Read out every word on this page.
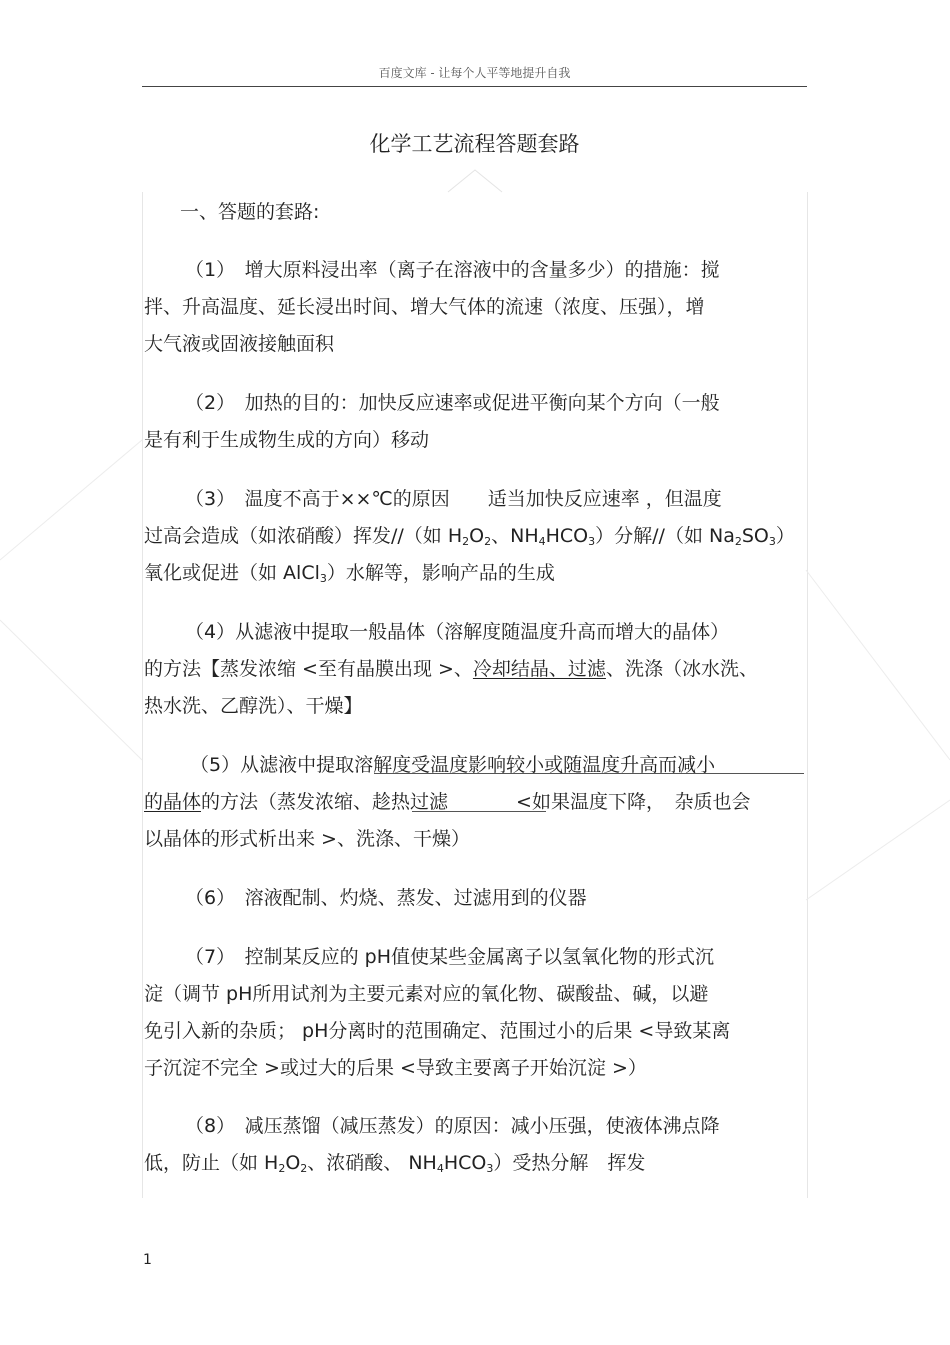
百度文库 - 让每个人平等地提升自我
化学工艺流程答题套路
一、答题的套路:
（1）　增大原料浸出率（离子在溶液中的含量多少）的措施：搅
拌、升高温度、延长浸出时间、增大气体的流速（浓度、压强），增
大气液或固液接触面积
（2）　加热的目的：加快反应速率或促进平衡向某个方向（一般
是有利于生成物生成的方向）移动
（3）　温度不高于××℃的原因　　适当加快反应速率 ，但温度
过高会造成（如浓硝酸）挥发//（如 $H_2O_2$、$NH_4HCO_3$）分解//（如 $Na_2SO_3$）
氧化或促进（如 AlCl$_3$）水解等，影响产品的生成
（4）从滤液中提取一般晶体（溶解度随温度升高而增大的晶体）
的方法【蒸发浓缩 <至有晶膜出现 >、冷却结晶、过滤、洗涤（冰水洗、
热水洗、乙醇洗）、干燥】
（5）从滤液中提取溶解度受温度影响较小或随温度升高而减小
的晶体的方法（蒸发浓缩、趁热过滤	<如果温度下降，　杂质也会
以晶体的形式析出来 >、洗涤、干燥）
（6）　溶液配制、灼烧、蒸发、过滤用到的仪器
（7）　控制某反应的 pH值使某些金属离子以氢氧化物的形式沉
淀（调节 pH所用试剂为主要元素对应的氧化物、碳酸盐、碱，以避
免引入新的杂质； pH分离时的范围确定、范围过小的后果 <导致某离
子沉淀不完全 >或过大的后果 <导致主要离子开始沉淀 >）
（8）　减压蒸馏（减压蒸发）的原因：减小压强，使液体沸点降
低，防止（如 $H_2O_2$、浓硝酸、 $NH_4HCO_3$）受热分解　挥发
1
